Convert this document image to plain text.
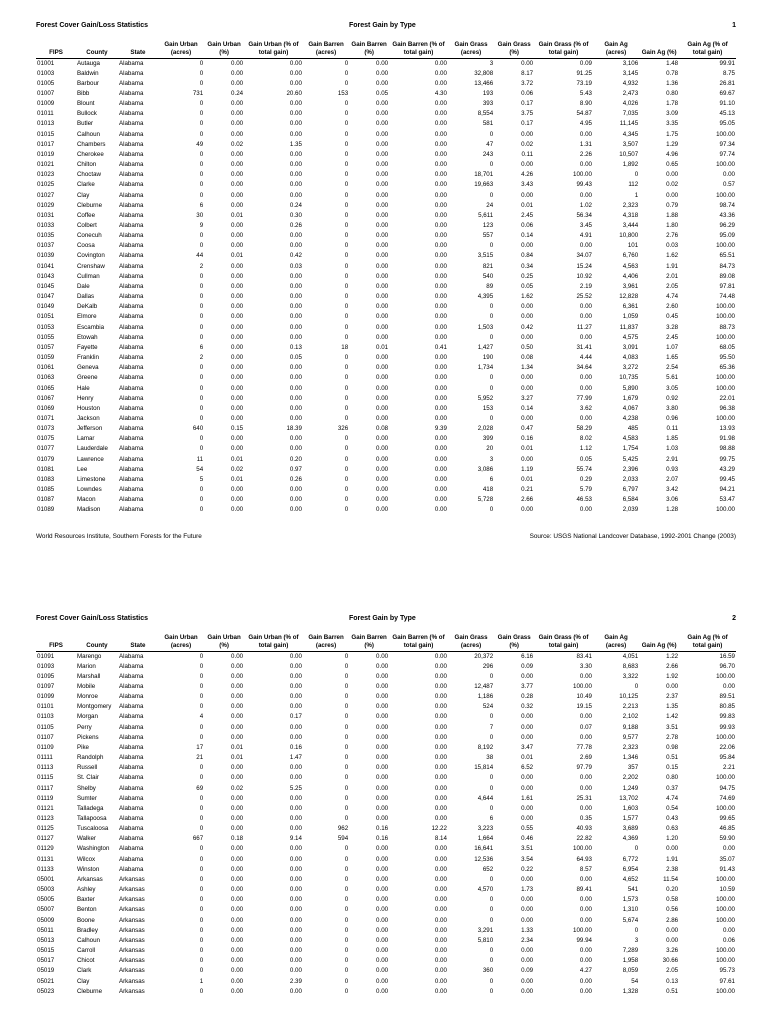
Forest Cover Gain/Loss Statistics	Forest Gain by Type	1
FIPS	County	State	Gain Urban (acres)	Gain Urban (%)	Gain Urban (% of total gain)	Gain Barren (acres)	Gain Barren (%)	Gain Barren (% of total gain)	Gain Grass (acres)	Gain Grass (%)	Gain Grass (% of total gain)	Gain Ag (acres)	Gain Ag (%)	Gain Ag (% of total gain)
01001	Autauga	Alabama	0	0.00	0.00	0	0.00	0.00	3	0.00	0.09	3,106	1.48	99.91
01003	Baldwin	Alabama	0	0.00	0.00	0	0.00	0.00	32,808	8.17	91.25	3,145	0.78	8.75
01005	Barbour	Alabama	0	0.00	0.00	0	0.00	0.00	13,466	3.72	73.19	4,932	1.36	26.81
01007	Bibb	Alabama	731	0.24	20.60	153	0.05	4.30	193	0.06	5.43	2,473	0.80	69.67
01009	Blount	Alabama	0	0.00	0.00	0	0.00	0.00	393	0.17	8.90	4,026	1.78	91.10
01011	Bullock	Alabama	0	0.00	0.00	0	0.00	0.00	8,554	3.75	54.87	7,035	3.09	45.13
01013	Butler	Alabama	0	0.00	0.00	0	0.00	0.00	581	0.17	4.95	11,145	3.35	95.05
01015	Calhoun	Alabama	0	0.00	0.00	0	0.00	0.00	0	0.00	0.00	4,345	1.75	100.00
01017	Chambers	Alabama	49	0.02	1.35	0	0.00	0.00	47	0.02	1.31	3,507	1.29	97.34
01019	Cherokee	Alabama	0	0.00	0.00	0	0.00	0.00	243	0.11	2.26	10,507	4.96	97.74
01021	Chilton	Alabama	0	0.00	0.00	0	0.00	0.00	0	0.00	0.00	1,892	0.65	100.00
01023	Choctaw	Alabama	0	0.00	0.00	0	0.00	0.00	18,701	4.26	100.00	0	0.00	0.00
01025	Clarke	Alabama	0	0.00	0.00	0	0.00	0.00	19,663	3.43	99.43	112	0.02	0.57
01027	Clay	Alabama	0	0.00	0.00	0	0.00	0.00	0	0.00	0.00	1	0.00	100.00
01029	Cleburne	Alabama	6	0.00	0.24	0	0.00	0.00	24	0.01	1.02	2,323	0.79	98.74
01031	Coffee	Alabama	30	0.01	0.30	0	0.00	0.00	5,611	2.45	56.34	4,318	1.88	43.36
01033	Colbert	Alabama	9	0.00	0.26	0	0.00	0.00	123	0.06	3.45	3,444	1.80	96.29
01035	Conecuh	Alabama	0	0.00	0.00	0	0.00	0.00	557	0.14	4.91	10,800	2.76	95.09
01037	Coosa	Alabama	0	0.00	0.00	0	0.00	0.00	0	0.00	0.00	101	0.03	100.00
01039	Covington	Alabama	44	0.01	0.42	0	0.00	0.00	3,515	0.84	34.07	6,760	1.62	65.51
01041	Crenshaw	Alabama	2	0.00	0.03	0	0.00	0.00	821	0.34	15.24	4,563	1.91	84.73
01043	Cullman	Alabama	0	0.00	0.00	0	0.00	0.00	540	0.25	10.92	4,406	2.01	89.08
01045	Dale	Alabama	0	0.00	0.00	0	0.00	0.00	89	0.05	2.19	3,961	2.05	97.81
01047	Dallas	Alabama	0	0.00	0.00	0	0.00	0.00	4,395	1.62	25.52	12,828	4.74	74.48
01049	DeKalb	Alabama	0	0.00	0.00	0	0.00	0.00	0	0.00	0.00	6,361	2.60	100.00
01051	Elmore	Alabama	0	0.00	0.00	0	0.00	0.00	0	0.00	0.00	1,059	0.45	100.00
01053	Escambia	Alabama	0	0.00	0.00	0	0.00	0.00	1,503	0.42	11.27	11,837	3.28	88.73
01055	Etowah	Alabama	0	0.00	0.00	0	0.00	0.00	0	0.00	0.00	4,575	2.45	100.00
01057	Fayette	Alabama	6	0.00	0.13	18	0.01	0.41	1,427	0.50	31.41	3,091	1.07	68.05
01059	Franklin	Alabama	2	0.00	0.05	0	0.00	0.00	190	0.08	4.44	4,083	1.65	95.50
01061	Geneva	Alabama	0	0.00	0.00	0	0.00	0.00	1,734	1.34	34.64	3,272	2.54	65.36
01063	Greene	Alabama	0	0.00	0.00	0	0.00	0.00	0	0.00	0.00	10,735	5.61	100.00
01065	Hale	Alabama	0	0.00	0.00	0	0.00	0.00	0	0.00	0.00	5,890	3.05	100.00
01067	Henry	Alabama	0	0.00	0.00	0	0.00	0.00	5,952	3.27	77.99	1,679	0.92	22.01
01069	Houston	Alabama	0	0.00	0.00	0	0.00	0.00	153	0.14	3.62	4,067	3.80	96.38
01071	Jackson	Alabama	0	0.00	0.00	0	0.00	0.00	0	0.00	0.00	4,238	0.96	100.00
01073	Jefferson	Alabama	640	0.15	18.39	326	0.08	9.39	2,028	0.47	58.29	485	0.11	13.93
01075	Lamar	Alabama	0	0.00	0.00	0	0.00	0.00	399	0.16	8.02	4,583	1.85	91.98
01077	Lauderdale	Alabama	0	0.00	0.00	0	0.00	0.00	20	0.01	1.12	1,754	1.03	98.88
01079	Lawrence	Alabama	11	0.01	0.20	0	0.00	0.00	3	0.00	0.05	5,425	2.91	99.75
01081	Lee	Alabama	54	0.02	0.97	0	0.00	0.00	3,086	1.19	55.74	2,396	0.93	43.29
01083	Limestone	Alabama	5	0.01	0.26	0	0.00	0.00	6	0.01	0.29	2,033	2.07	99.45
01085	Lowndes	Alabama	0	0.00	0.00	0	0.00	0.00	418	0.21	5.79	6,797	3.42	94.21
01087	Macon	Alabama	0	0.00	0.00	0	0.00	0.00	5,728	2.66	46.53	6,584	3.06	53.47
01089	Madison	Alabama	0	0.00	0.00	0	0.00	0.00	0	0.00	0.00	2,039	1.28	100.00
World Resources Institute, Southern Forests for the Future	Source: USGS National Landcover Database, 1992-2001 Change (2003)
Forest Cover Gain/Loss Statistics	Forest Gain by Type	2
FIPS	County	State	Gain Urban (acres)	Gain Urban (%)	Gain Urban (% of total gain)	Gain Barren (acres)	Gain Barren (%)	Gain Barren (% of total gain)	Gain Grass (acres)	Gain Grass (%)	Gain Grass (% of total gain)	Gain Ag (acres)	Gain Ag (%)	Gain Ag (% of total gain)
01091	Marengo	Alabama	0	0.00	0.00	0	0.00	0.00	20,372	6.16	83.41	4,051	1.22	16.59
01093	Marion	Alabama	0	0.00	0.00	0	0.00	0.00	296	0.09	3.30	8,683	2.66	96.70
01095	Marshall	Alabama	0	0.00	0.00	0	0.00	0.00	0	0.00	0.00	3,322	1.92	100.00
01097	Mobile	Alabama	0	0.00	0.00	0	0.00	0.00	12,487	3.77	100.00	0	0.00	0.00
01099	Monroe	Alabama	0	0.00	0.00	0	0.00	0.00	1,186	0.28	10.49	10,125	2.37	89.51
01101	Montgomery	Alabama	0	0.00	0.00	0	0.00	0.00	524	0.32	19.15	2,213	1.35	80.85
01103	Morgan	Alabama	4	0.00	0.17	0	0.00	0.00	0	0.00	0.00	2,102	1.42	99.83
01105	Perry	Alabama	0	0.00	0.00	0	0.00	0.00	7	0.00	0.07	9,188	3.51	99.93
01107	Pickens	Alabama	0	0.00	0.00	0	0.00	0.00	0	0.00	0.00	9,577	2.78	100.00
01109	Pike	Alabama	17	0.01	0.16	0	0.00	0.00	8,192	3.47	77.78	2,323	0.98	22.06
01111	Randolph	Alabama	21	0.01	1.47	0	0.00	0.00	38	0.01	2.69	1,346	0.51	95.84
01113	Russell	Alabama	0	0.00	0.00	0	0.00	0.00	15,814	6.52	97.79	357	0.15	2.21
01115	St. Clair	Alabama	0	0.00	0.00	0	0.00	0.00	0	0.00	0.00	2,202	0.80	100.00
01117	Shelby	Alabama	69	0.02	5.25	0	0.00	0.00	0	0.00	0.00	1,249	0.37	94.75
01119	Sumter	Alabama	0	0.00	0.00	0	0.00	0.00	4,644	1.61	25.31	13,702	4.74	74.69
01121	Talladega	Alabama	0	0.00	0.00	0	0.00	0.00	0	0.00	0.00	1,603	0.54	100.00
01123	Tallapoosa	Alabama	0	0.00	0.00	0	0.00	0.00	6	0.00	0.35	1,577	0.43	99.65
01125	Tuscaloosa	Alabama	0	0.00	0.00	962	0.16	12.22	3,223	0.55	40.93	3,689	0.63	46.85
01127	Walker	Alabama	667	0.18	9.14	594	0.16	8.14	1,664	0.46	22.82	4,369	1.20	59.90
01129	Washington	Alabama	0	0.00	0.00	0	0.00	0.00	16,641	3.51	100.00	0	0.00	0.00
01131	Wilcox	Alabama	0	0.00	0.00	0	0.00	0.00	12,536	3.54	64.93	6,772	1.91	35.07
01133	Winston	Alabama	0	0.00	0.00	0	0.00	0.00	652	0.22	8.57	6,954	2.38	91.43
05001	Arkansas	Arkansas	0	0.00	0.00	0	0.00	0.00	0	0.00	0.00	4,652	11.54	100.00
05003	Ashley	Arkansas	0	0.00	0.00	0	0.00	0.00	4,570	1.73	89.41	541	0.20	10.59
05005	Baxter	Arkansas	0	0.00	0.00	0	0.00	0.00	0	0.00	0.00	1,573	0.58	100.00
05007	Benton	Arkansas	0	0.00	0.00	0	0.00	0.00	0	0.00	0.00	1,310	0.56	100.00
05009	Boone	Arkansas	0	0.00	0.00	0	0.00	0.00	0	0.00	0.00	5,674	2.86	100.00
05011	Bradley	Arkansas	0	0.00	0.00	0	0.00	0.00	3,291	1.33	100.00	0	0.00	0.00
05013	Calhoun	Arkansas	0	0.00	0.00	0	0.00	0.00	5,810	2.34	99.94	3	0.00	0.06
05015	Carroll	Arkansas	0	0.00	0.00	0	0.00	0.00	0	0.00	0.00	7,289	3.26	100.00
05017	Chicot	Arkansas	0	0.00	0.00	0	0.00	0.00	0	0.00	0.00	1,958	30.66	100.00
05019	Clark	Arkansas	0	0.00	0.00	0	0.00	0.00	360	0.09	4.27	8,059	2.05	95.73
05021	Clay	Arkansas	1	0.00	2.39	0	0.00	0.00	0	0.00	0.00	54	0.13	97.61
05023	Cleburne	Arkansas	0	0.00	0.00	0	0.00	0.00	0	0.00	0.00	1,328	0.51	100.00
